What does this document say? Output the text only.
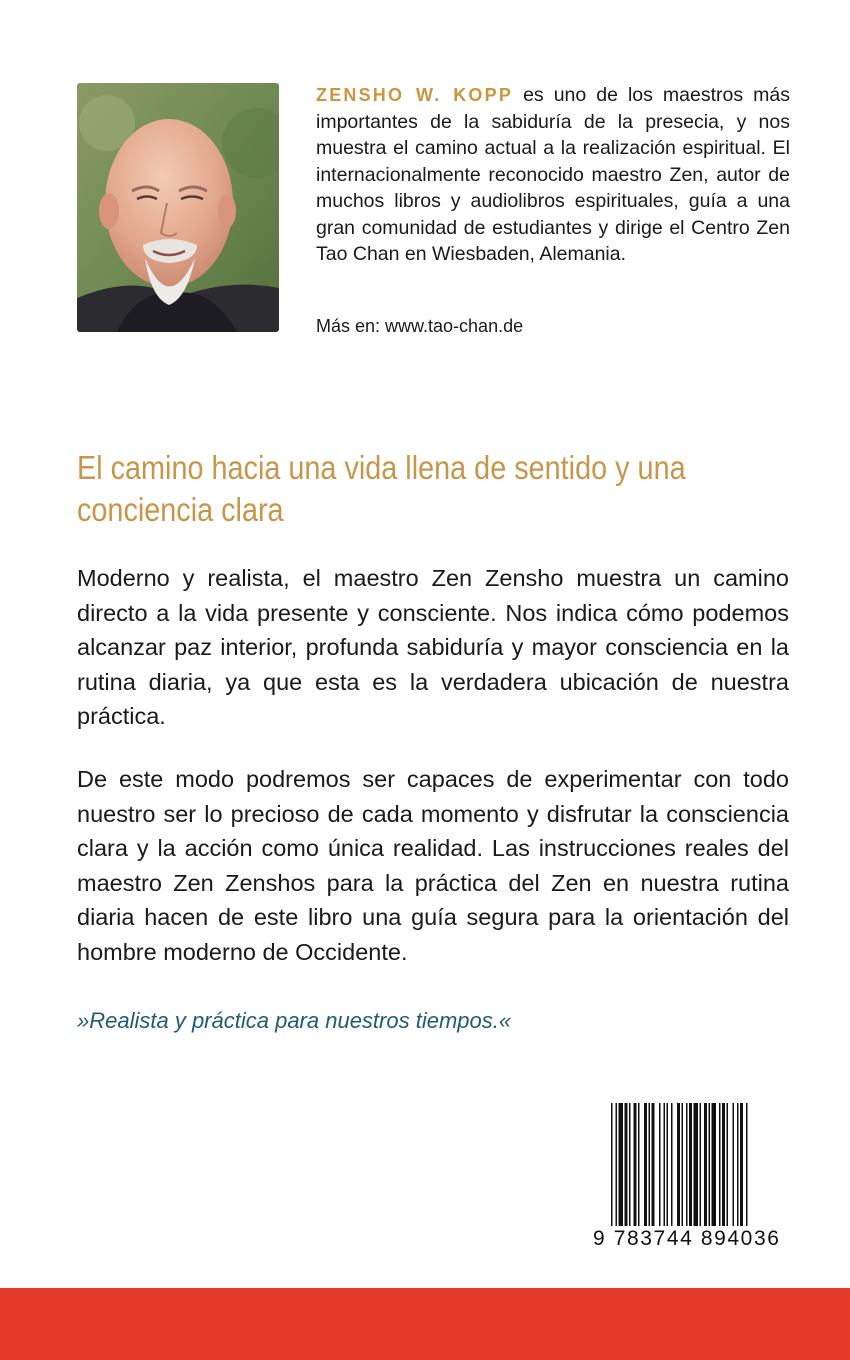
ZENSHO W. KOPP es uno de los maestros más importantes de la sabiduría de la presecia, y nos muestra el camino actual a la realización espiritual. El internacionalmente reconocido maestro Zen, autor de muchos libros y audiolibros espirituales, guía a una gran comunidad de estudiantes y dirige el Centro Zen Tao Chan en Wiesbaden, Alemania.
Más en: www.tao-chan.de
El camino hacia una vida llena de sentido y una conciencia clara

Moderno y realista, el maestro Zen Zensho muestra un camino directo a la vida presente y consciente. Nos indica cómo podemos alcanzar paz interior, profunda sabiduría y mayor consciencia en la rutina diaria, ya que esta es la verdadera ubicación de nuestra práctica.

De este modo podremos ser capaces de experimentar con todo nuestro ser lo precioso de cada momento y disfrutar la consciencia clara y la acción como única realidad. Las instrucciones reales del maestro Zen Zenshos para la práctica del Zen en nuestra rutina diaria hacen de este libro una guía segura para la orientación del hombre moderno de Occidente.

»Realista y práctica para nuestros tiempos.«

9 783744 894036
